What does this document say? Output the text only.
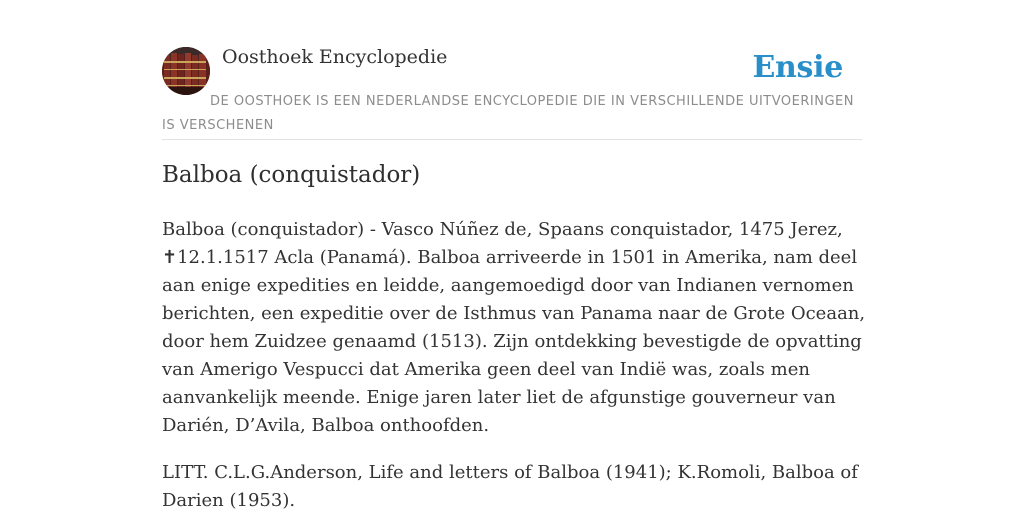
Oosthoek Encyclopedie	Ensie

DE OOSTHOEK IS EEN NEDERLANDSE ENCYCLOPEDIE DIE IN VERSCHILLENDE UITVOERINGEN IS VERSCHENEN

Balboa (conquistador)

Balboa (conquistador) - Vasco Núñez de, Spaans conquistador, 1475 Jerez, ✝12.1.1517 Acla (Panamá). Balboa arriveerde in 1501 in Amerika, nam deel aan enige expedities en leidde, aangemoedigd door van Indianen vernomen berichten, een expeditie over de Isthmus van Panama naar de Grote Oceaan, door hem Zuidzee genaamd (1513). Zijn ontdekking bevestigde de opvatting van Amerigo Vespucci dat Amerika geen deel van Indië was, zoals men aanvankelijk meende. Enige jaren later liet de afgunstige gouverneur van Darién, D’Avila, Balboa onthoofden.

LITT. C.L.G.Anderson, Life and letters of Balboa (1941); K.Romoli, Balboa of Darien (1953).
